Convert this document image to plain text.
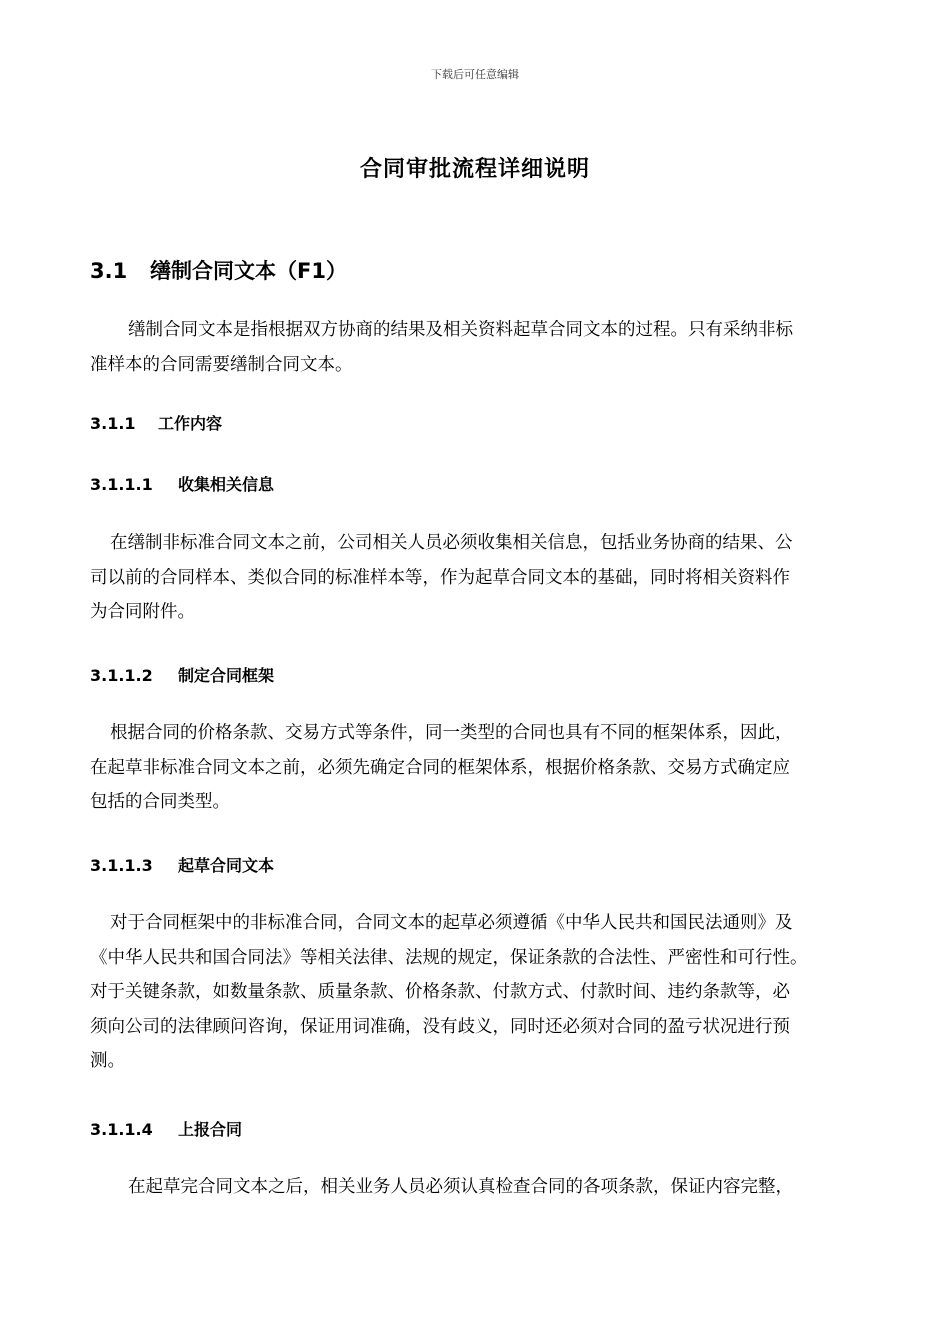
下载后可任意编辑
合同审批流程详细说明
3.1 缮制合同文本（F1）
缮制合同文本是指根据双方协商的结果及相关资料起草合同文本的过程。只有采纳非标
准样本的合同需要缮制合同文本。
3.1.1 工作内容
3.1.1.1 收集相关信息
在缮制非标准合同文本之前，公司相关人员必须收集相关信息，包括业务协商的结果、公
司以前的合同样本、类似合同的标准样本等，作为起草合同文本的基础，同时将相关资料作
为合同附件。
3.1.1.2 制定合同框架
根据合同的价格条款、交易方式等条件，同一类型的合同也具有不同的框架体系，因此，
在起草非标准合同文本之前，必须先确定合同的框架体系，根据价格条款、交易方式确定应
包括的合同类型。
3.1.1.3 起草合同文本
对于合同框架中的非标准合同，合同文本的起草必须遵循《中华人民共和国民法通则》及
《中华人民共和国合同法》等相关法律、法规的规定，保证条款的合法性、严密性和可行性。
对于关键条款，如数量条款、质量条款、价格条款、付款方式、付款时间、违约条款等，必
须向公司的法律顾问咨询，保证用词准确，没有歧义，同时还必须对合同的盈亏状况进行预
测。
3.1.1.4 上报合同
在起草完合同文本之后，相关业务人员必须认真检查合同的各项条款，保证内容完整，
